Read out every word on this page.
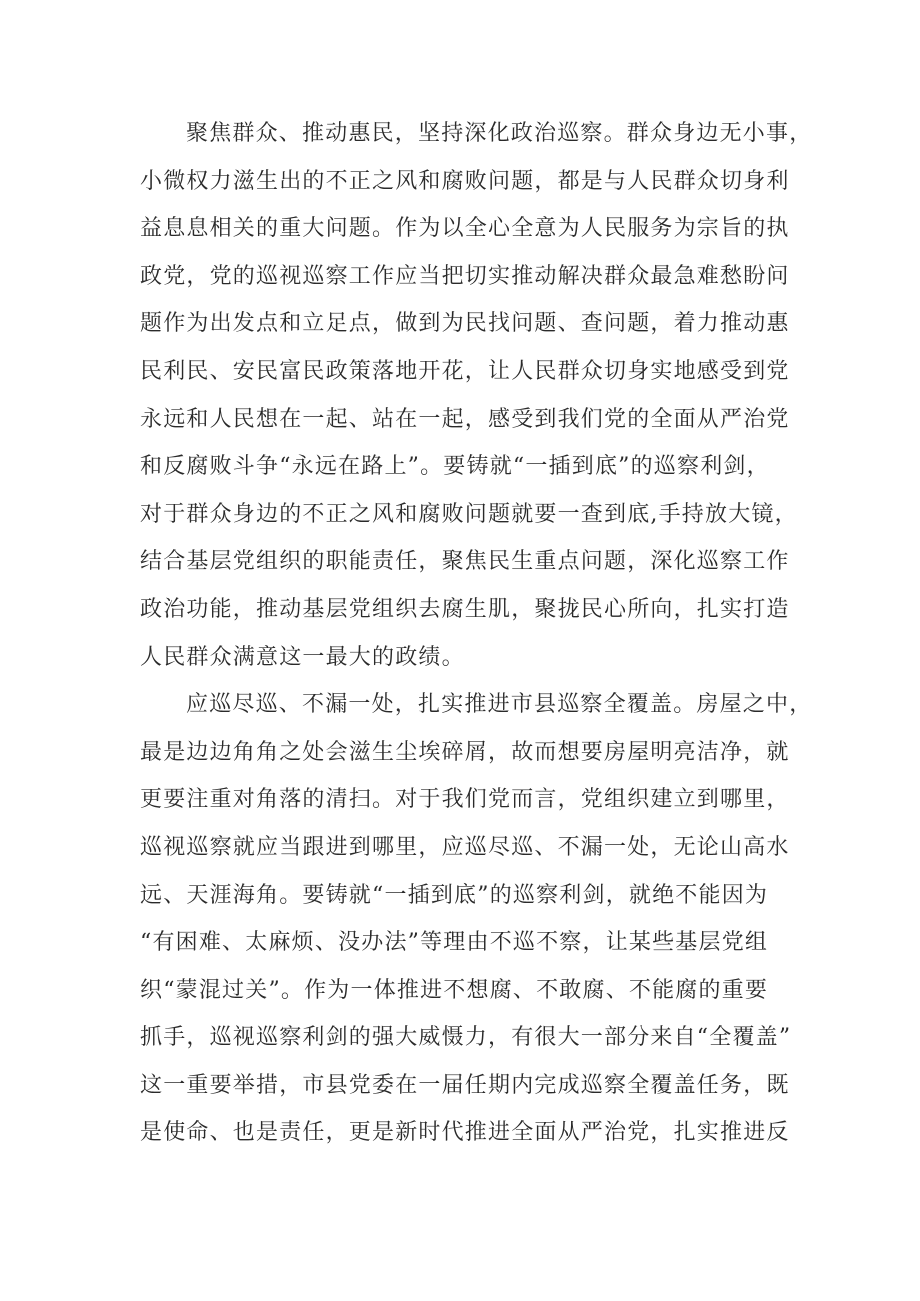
聚焦群众、推动惠民，坚持深化政治巡察。群众身边无小事，
小微权力滋生出的不正之风和腐败问题，都是与人民群众切身利
益息息相关的重大问题。作为以全心全意为人民服务为宗旨的执
政党，党的巡视巡察工作应当把切实推动解决群众最急难愁盼问
题作为出发点和立足点，做到为民找问题、查问题，着力推动惠
民利民、安民富民政策落地开花，让人民群众切身实地感受到党
永远和人民想在一起、站在一起，感受到我们党的全面从严治党
和反腐败斗争“永远在路上”。要铸就“一插到底”的巡察利剑，
对于群众身边的不正之风和腐败问题就要一查到底,手持放大镜，
结合基层党组织的职能责任，聚焦民生重点问题，深化巡察工作
政治功能，推动基层党组织去腐生肌，聚拢民心所向，扎实打造
人民群众满意这一最大的政绩。
应巡尽巡、不漏一处，扎实推进市县巡察全覆盖。房屋之中，
最是边边角角之处会滋生尘埃碎屑，故而想要房屋明亮洁净，就
更要注重对角落的清扫。对于我们党而言，党组织建立到哪里，
巡视巡察就应当跟进到哪里，应巡尽巡、不漏一处，无论山高水
远、天涯海角。要铸就“一插到底”的巡察利剑，就绝不能因为
“有困难、太麻烦、没办法”等理由不巡不察，让某些基层党组
织“蒙混过关”。作为一体推进不想腐、不敢腐、不能腐的重要
抓手，巡视巡察利剑的强大威慑力，有很大一部分来自“全覆盖”
这一重要举措，市县党委在一届任期内完成巡察全覆盖任务，既
是使命、也是责任，更是新时代推进全面从严治党，扎实推进反
